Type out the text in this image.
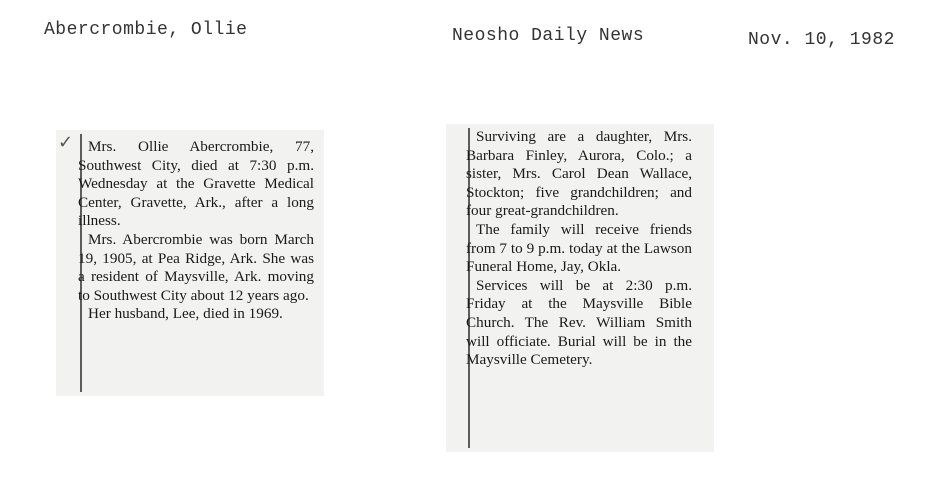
Abercrombie, Ollie	Neosho Daily News	Nov. 10, 1982
✓ Mrs. Ollie Abercrombie, 77, Southwest City, died at 7:30 p.m. Wednesday at the Gravette Medical Center, Gravette, Ark., after a long illness.

Mrs. Abercrombie was born March 19, 1905, at Pea Ridge, Ark. She was a resident of Maysville, Ark. moving to Southwest City about 12 years ago.

Her husband, Lee, died in 1969.

Surviving are a daughter, Mrs. Barbara Finley, Aurora, Colo.; a sister, Mrs. Carol Dean Wallace, Stockton; five grandchildren; and four great-grandchildren.

The family will receive friends from 7 to 9 p.m. today at the Lawson Funeral Home, Jay, Okla.

Services will be at 2:30 p.m. Friday at the Maysville Bible Church. The Rev. William Smith will officiate. Burial will be in the Maysville Cemetery.
